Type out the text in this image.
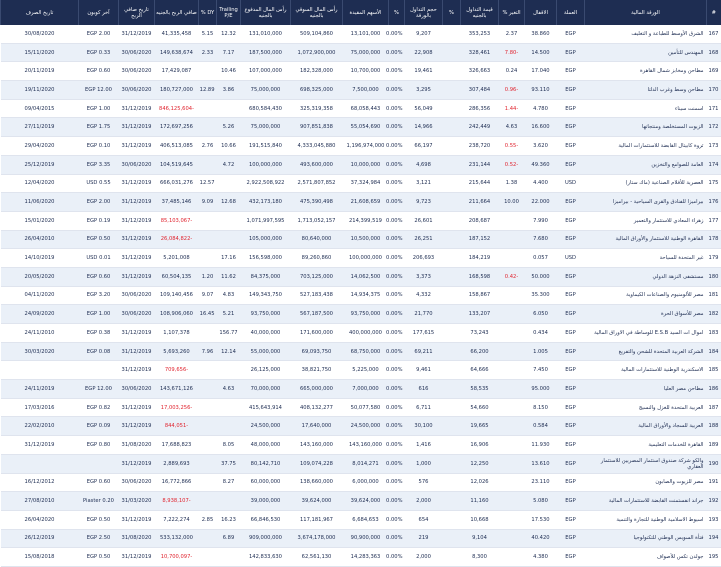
#	الورقة المالية	العملة	الاقفال	التغير %	قيمة التداول بالجنيه	%	حجم التداول بالورقة	%	الأسهم المقيدة	رأس المال السوقي بالجنيه	رأس المال المدفوع بالجنيه	Trailing P/E	DY %	صافي الربح بالجنيه	تاريخ صافي الربح	آخر كوبون	تاريخ الصرف
167	الشرق الأوسط للطباعة و التغليف	EGP	38.860	2.37	353,253		9,207	0.00%	13,101,000	509,104,860	131,010,000	12.32	5.15	41,335,458	31/12/2019	EGP 2.00	30/08/2020
168	المهندس للتأمين	EGP	14.500	-7.80	328,461		22,908	0.00%	75,000,000	1,072,900,000	187,500,000	7.17	2.33	149,638,674	30/06/2020	EGP 0.33	15/11/2020
169	مطاحن ومخابز شمال القاهرة	EGP	17.040	0.24	326,663		19,461	0.00%	10,700,000	182,328,000	107,000,000	10.46		17,429,087	30/06/2020	EGP 0.60	20/11/2019
170	مطاحن وسط وغرب الدلتا	EGP	93.110	-0.96	307,484		3,295	0.00%	7,500,000	698,325,000	75,000,000	3.86	12.89	180,727,000	30/06/2020	EGP 12.00	19/11/2020
171	اسمنت سيناء	EGP	4.780	-1.44	286,356		56,049	0.00%	68,058,443	325,319,358	680,584,430			-846,125,604	31/12/2019	EGP 1.00	09/04/2015
172	الزيوت المستخلصة ومنتجاتها	EGP	16.600	4.63	242,449		14,966	0.00%	55,054,690	907,851,838	75,000,000	5.26		172,697,256	31/12/2019	EGP 1.75	27/11/2019
173	ثروة كابيتال القابضة للاستثمارات المالية	EGP	3.620	-0.55	238,720		66,197	0.00%	1,196,974,000	4,333,045,880	191,515,840	10.66	2.76	406,513,085	31/12/2019	EGP 0.10	29/04/2020
174	العامة للصوامع والتخزين	EGP	49.360	-0.52	231,144		4,698	0.00%	10,000,000	493,600,000	100,000,000	4.72		104,519,645	30/06/2020	EGP 3.35	25/12/2019
175	العصرية للأفلام الصناعية (ماك ستار)	USD	4.400	1.38	215,644		3,121	0.00%	37,324,984	2,571,807,852	2,922,508,922		12.57	666,031,276	31/12/2019	USD 0.55	12/04/2020
176	بيراميزا للفنادق والقرى السياحية - بيراميزا	EGP	22.000	10.00	211,664		9,723	0.00%	21,608,659	475,390,498	432,173,180	12.68	9.09	37,485,146	31/12/2019	EGP 2.00	11/06/2020
177	زهراء المعادي للاستثمار والتعمير	EGP	7.990		208,687		26,601	0.00%	214,399,519	1,713,052,157	1,071,997,595			-85,103,067	31/12/2019	EGP 0.19	15/01/2020
178	القاهرة الوطنية للاستثمار والأوراق المالية	EGP	7.680		187,152		26,251	0.00%	10,500,000	80,640,000	105,000,000			-26,084,822	31/12/2019	EGP 0.50	26/04/2010
179	غير المتحدة للسياحة	USD	0.057		184,219		206,693	0.00%	100,000,000	89,260,860	156,598,000	17.16		5,201,008	31/12/2019	USD 0.01	14/10/2019
180	مستشفى النزهة الدولي	EGP	50.000	-0.42	168,598		3,373	0.00%	14,062,500	703,125,000	84,375,000	11.62	1.20	60,504,135	31/12/2019	EGP 0.60	20/05/2020
181	مصر للألومنيوم والصناعات الكيماوية	EGP	35.300		158,867		4,332	0.00%	14,934,375	527,183,438	149,343,750	4.83	9.07	109,140,456	30/06/2020	EGP 3.20	04/11/2020
182	مصر للأسواق الحرة	EGP	6.050		133,207		21,770	0.00%	93,750,000	567,187,500	93,750,000	5.21	16.45	108,906,060	30/06/2020	EGP 1.00	24/09/2020
183	اموال ات السيد E.S.B للوساطة في الاوراق المالية	EGP	0.434		73,243		177,615	0.00%	400,000,000	171,600,000	40,000,000	156.77		1,107,378	31/12/2019	EGP 0.38	24/11/2010
184	الشركة العربية المتحدة للشحن والتفريغ	EGP	1.005		66,200		69,211	0.00%	68,750,000	69,093,750	55,000,000	12.14	7.96	5,693,260	31/12/2019	EGP 0.08	30/03/2020
185	الاسكندرية الوطنية للاستثمارات المالية	EGP	7.450		64,666		9,461	0.00%	5,225,000	38,821,750	26,125,000			-709,656	31/12/2019		
186	مطاحن مصر العليا	EGP	95.000		58,535		616	0.00%	7,000,000	665,000,000	70,000,000	4.63		143,671,126	30/06/2020	EGP 12.00	24/11/2019
187	العربية المتحدة للغزل والنسيج	EGP	8.150		54,660		6,711	0.00%	50,077,580	408,132,277	415,643,914			-17,003,256	31/12/2019	EGP 0.82	17/03/2016
188	العربية للسجاد والأوراق المالية	EGP	0.584		19,665		30,100	0.00%	24,500,000	17,640,000	24,500,000			-844,051	31/12/2019	EGP 0.09	22/02/2010
189	القاهرة للخدمات التعليمية	EGP	11.930		16,906		1,416	0.00%	143,160,000	143,160,000	48,000,000	8.05		17,688,823	31/08/2020	EGP 0.80	31/12/2019
190	والكو شركة صندوق استثمار المصريين للاستثمار العقاري	EGP	13.610		12,250		1,000	0.00%	8,014,271	109,074,228	80,142,710	37.75		2,889,693	31/12/2019		
191	مصر للزيوت والصابون	EGP	23.110		12,026		576	0.00%	6,000,000	138,660,000	60,000,000	8.27		16,772,866	30/06/2020	EGP 0.60	16/12/2012
192	جراند انفستمنت القابضة للاستثمارات المالية	EGP	5.080		11,160		2,000	0.00%	39,624,000	39,624,000	39,000,000			-8,938,107	31/03/2020	Piaster 0.20	27/08/2010
193	اسيوط الاسلامية الوطنية للتجارة والتنمية	EGP	17.530		10,668		654	0.00%	6,684,653	117,181,967	66,846,530	16.23	2.85	7,222,274	31/12/2019	EGP 0.50	26/04/2020
194	فتأة السويس الوطني للتكنولوجيا	EGP	40.420		9,104		219	0.00%	90,900,000	3,674,178,000	909,000,000	6.89		533,132,000	31/08/2020	EGP 2.50	26/12/2019
195	جولدن تكس للأصواف	EGP	4.380		8,300		2,000	0.00%	14,283,363	62,561,130	142,833,630			-10,700,097	31/12/2019	EGP 0.50	15/08/2018
